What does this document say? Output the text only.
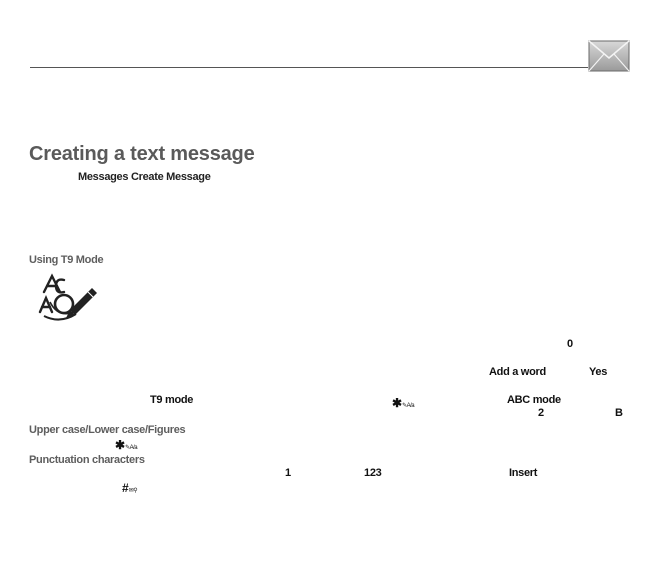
Creating a text message
Messages Create Message
Using T9 Mode
0
Add a word	Yes
T9 mode	✱✎A/a	ABC mode
2	B
Upper case/Lower case/Figures
✱✎A/a
Punctuation characters
1	123	Insert
#✉⚲
